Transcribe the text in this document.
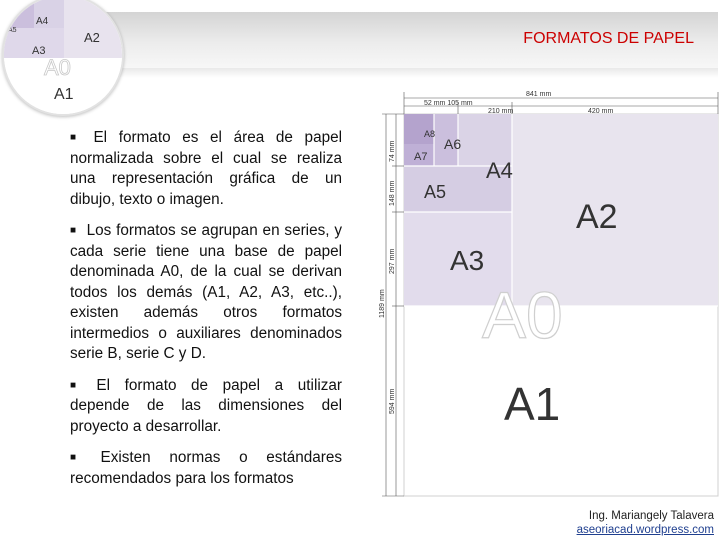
FORMATOS DE PAPEL
A6
A4
A5
A3
A2
A0
A1

■ El formato es el área de papel normalizada sobre el cual se realiza una representación gráfica de un dibujo, texto o imagen.

■ Los formatos se agrupan en series, y cada serie tiene una base de papel denominada A0, de la cual se derivan todos los demás (A1, A2, A3, etc..), existen además otros formatos intermedios o auxiliares denominados serie B, serie C y D.

■ El formato de papel a utilizar depende de las dimensiones del proyecto a desarrollar.

■ Existen normas o estándares recomendados para los formatos

A8
A7
A6
A4
A5
A3
A2
A0
A1
841 mm
52 mm 105 mm
210 mm	420 mm
1189 mm
74 mm
148 mm
297 mm
594 mm
Ing. Mariangely Talavera
aseoriacad.wordpress.com
